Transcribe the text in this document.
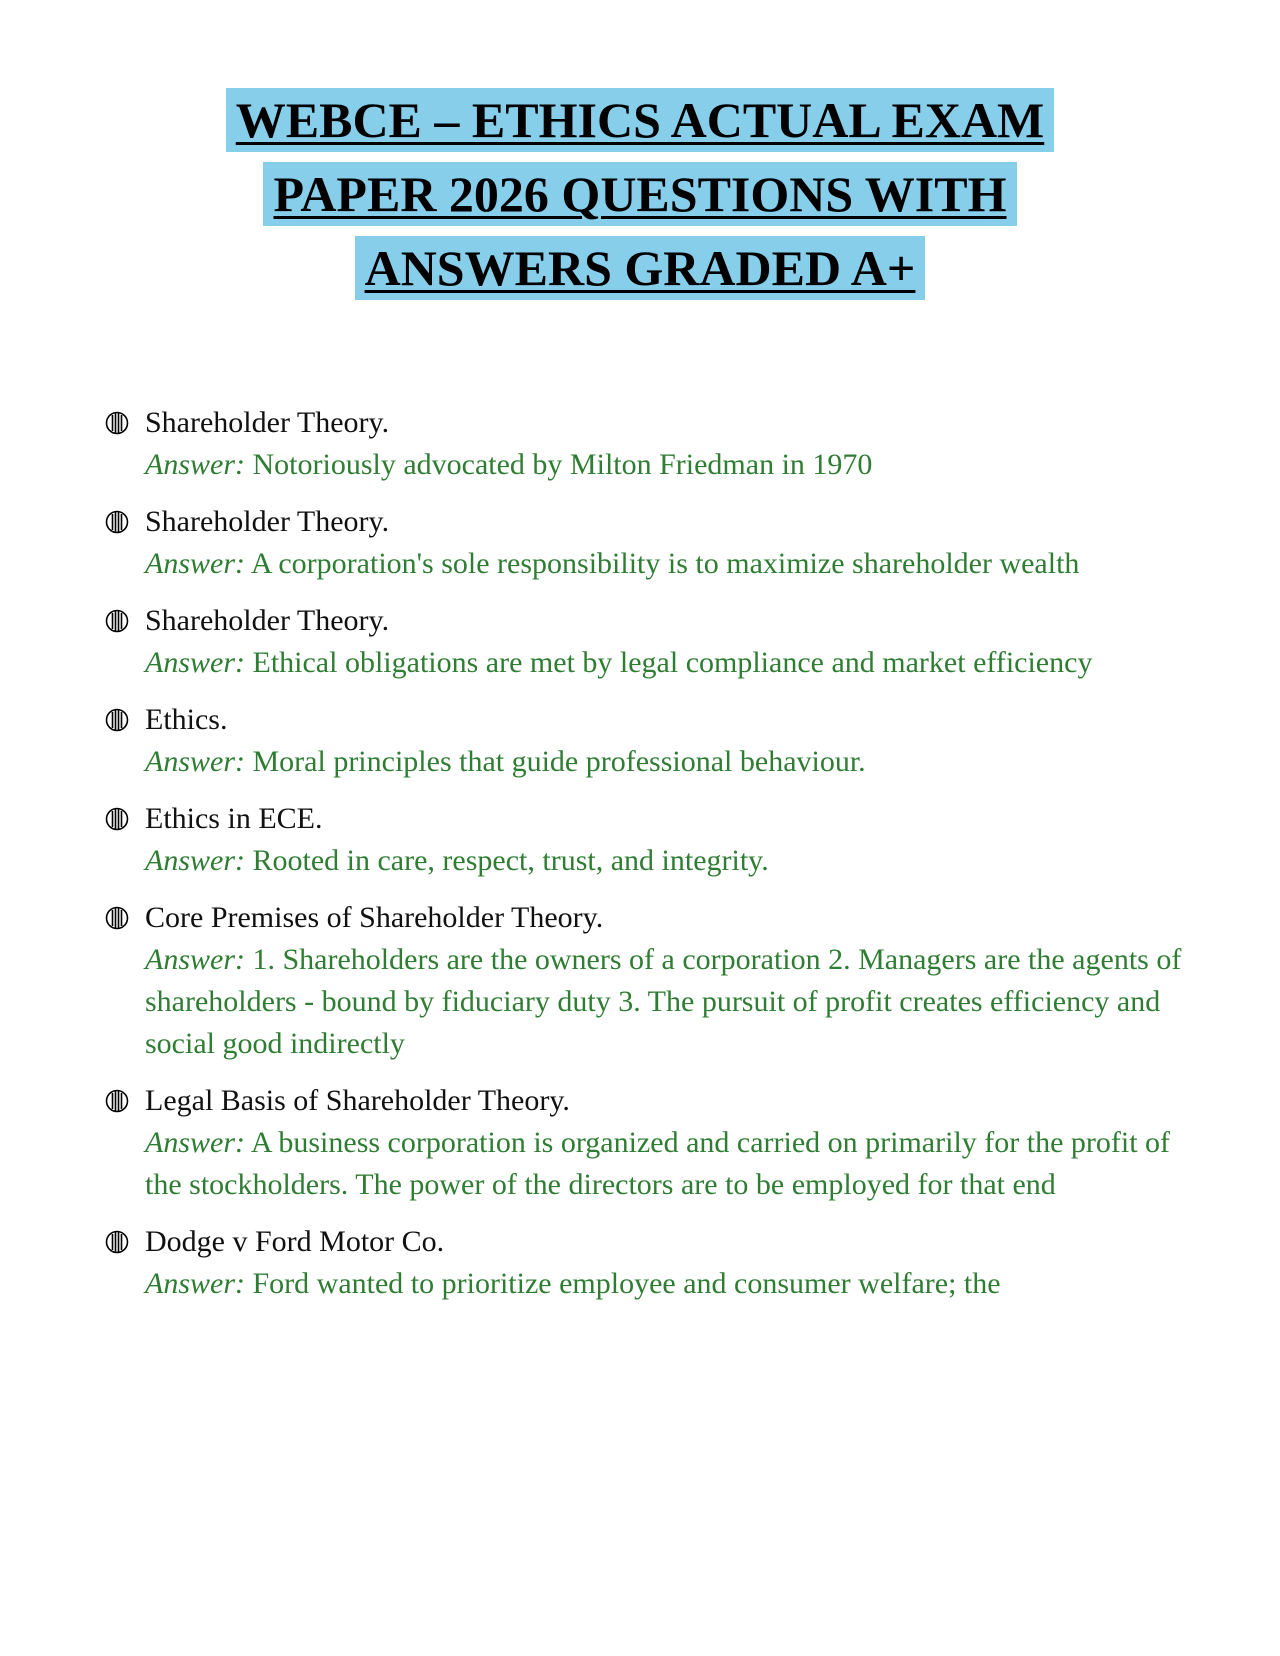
WEBCE – ETHICS ACTUAL EXAM
PAPER 2026 QUESTIONS WITH
ANSWERS GRADED A+
Shareholder Theory.
Answer: Notoriously advocated by Milton Friedman in 1970
Shareholder Theory.
Answer: A corporation's sole responsibility is to maximize shareholder wealth
Shareholder Theory.
Answer: Ethical obligations are met by legal compliance and market efficiency
Ethics.
Answer: Moral principles that guide professional behaviour.
Ethics in ECE.
Answer: Rooted in care, respect, trust, and integrity.
Core Premises of Shareholder Theory.
Answer: 1. Shareholders are the owners of a corporation 2. Managers are the agents of shareholders - bound by fiduciary duty 3. The pursuit of profit creates efficiency and social good indirectly
Legal Basis of Shareholder Theory.
Answer: A business corporation is organized and carried on primarily for the profit of the stockholders. The power of the directors are to be employed for that end
Dodge v Ford Motor Co.
Answer: Ford wanted to prioritize employee and consumer welfare; the
